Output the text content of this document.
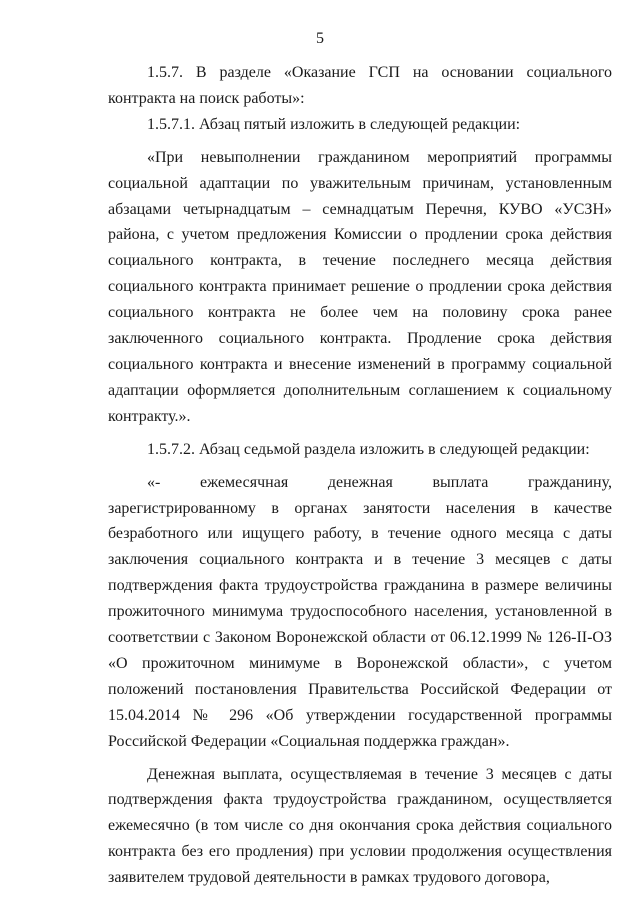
5

1.5.7. В разделе «Оказание ГСП на основании социального контракта на поиск работы»:

1.5.7.1. Абзац пятый изложить в следующей редакции:

«При невыполнении гражданином мероприятий программы социальной адаптации по уважительным причинам, установленным абзацами четырнадцатым – семнадцатым Перечня, КУВО «УСЗН» района, с учетом предложения Комиссии о продлении срока действия социального контракта, в течение последнего месяца действия социального контракта принимает решение о продлении срока действия социального контракта не более чем на половину срока ранее заключенного социального контракта. Продление срока действия социального контракта и внесение изменений в программу социальной адаптации оформляется дополнительным соглашением к социальному контракту.».

1.5.7.2. Абзац седьмой раздела изложить в следующей редакции:

«- ежемесячная денежная выплата гражданину, зарегистрированному в органах занятости населения в качестве безработного или ищущего работу, в течение одного месяца с даты заключения социального контракта и в течение 3 месяцев с даты подтверждения факта трудоустройства гражданина в размере величины прожиточного минимума трудоспособного населения, установленной в соответствии с Законом Воронежской области от 06.12.1999 № 126-II-ОЗ «О прожиточном минимуме в Воронежской области», с учетом положений постановления Правительства Российской Федерации от 15.04.2014 № 296 «Об утверждении государственной программы Российской Федерации «Социальная поддержка граждан».

Денежная выплата, осуществляемая в течение 3 месяцев с даты подтверждения факта трудоустройства гражданином, осуществляется ежемесячно (в том числе со дня окончания срока действия социального контракта без его продления) при условии продолжения осуществления заявителем трудовой деятельности в рамках трудового договора,
